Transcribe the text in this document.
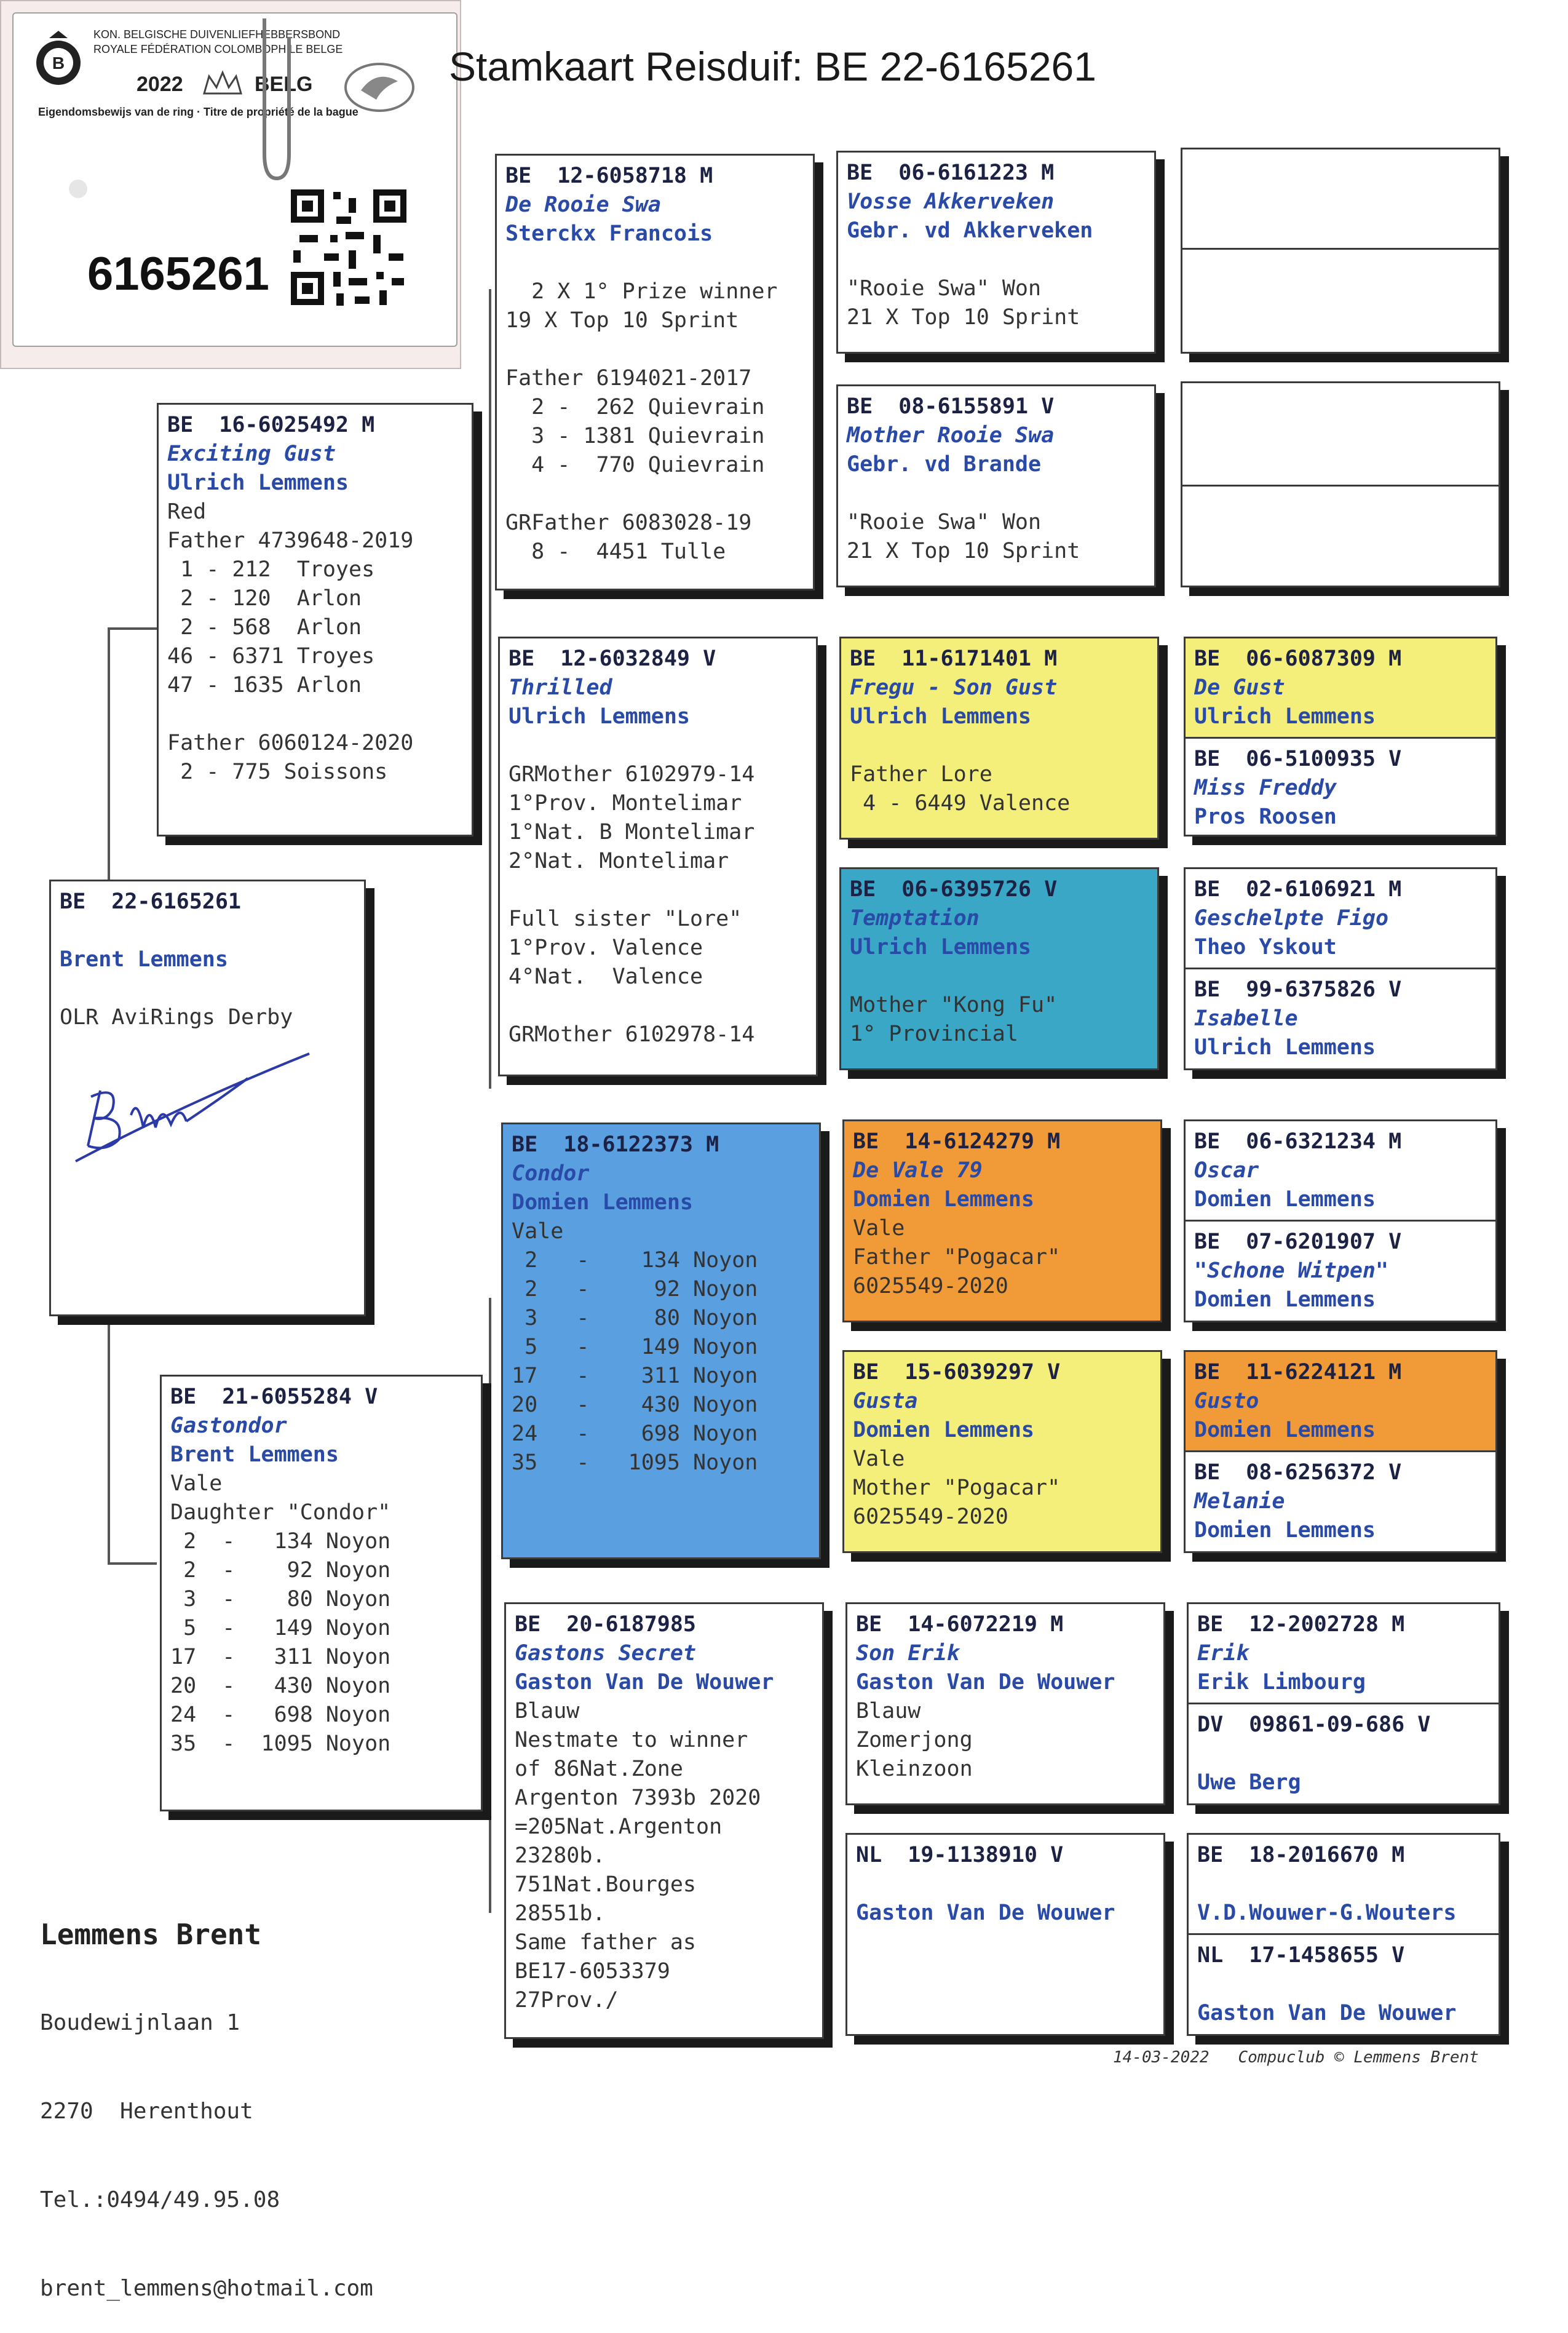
B
KON. BELGISCHE DUIVENLIEFHEBBERSBOND
ROYALE FÉDÉRATION COLOMBOPHILE BELGE
2022	BELG
Eigendomsbewijs van de ring · Titre de propriété de la bague
6165261
Stamkaart Reisduif: BE 22-6165261
BE  22-6165261

Brent Lemmens

OLR AviRings Derby
BE  16-6025492 M
Exciting Gust
Ulrich Lemmens
Red
Father 4739648-2019
1 - 212  Troyes
2 - 120  Arlon
2 - 568  Arlon
46 - 6371 Troyes
47 - 1635 Arlon

Father 6060124-2020
2 - 775 Soissons
BE  21-6055284 V
Gastondor
Brent Lemmens
Vale
Daughter "Condor"
2  -   134 Noyon
2  -    92 Noyon
3  -    80 Noyon
5  -   149 Noyon
17  -   311 Noyon
20  -   430 Noyon
24  -   698 Noyon
35  -  1095 Noyon
BE  12-6058718 M
De Rooie Swa
Sterckx Francois

2 X 1° Prize winner
19 X Top 10 Sprint

Father 6194021-2017
2 -  262 Quievrain
3 - 1381 Quievrain
4 -  770 Quievrain

GRFather 6083028-19
8 -  4451 Tulle
BE  12-6032849 V
Thrilled
Ulrich Lemmens

GRMother 6102979-14
1°Prov. Montelimar
1°Nat. B Montelimar
2°Nat. Montelimar

Full sister "Lore"
1°Prov. Valence
4°Nat.  Valence

GRMother 6102978-14
BE  18-6122373 M
Condor
Domien Lemmens
Vale
2   -    134 Noyon
2   -     92 Noyon
3   -     80 Noyon
5   -    149 Noyon
17   -    311 Noyon
20   -    430 Noyon
24   -    698 Noyon
35   -   1095 Noyon
BE  20-6187985
Gastons Secret
Gaston Van De Wouwer
Blauw
Nestmate to winner
of 86Nat.Zone
Argenton 7393b 2020
=205Nat.Argenton
23280b.
751Nat.Bourges
28551b.
Same father as
BE17-6053379
27Prov./
BE  06-6161223 M
Vosse Akkerveken
Gebr. vd Akkerveken

"Rooie Swa" Won
21 X Top 10 Sprint
BE  08-6155891 V
Mother Rooie Swa
Gebr. vd Brande

"Rooie Swa" Won
21 X Top 10 Sprint
BE  11-6171401 M
Fregu - Son Gust
Ulrich Lemmens

Father Lore
4 - 6449 Valence
BE  06-6395726 V
Temptation
Ulrich Lemmens

Mother "Kong Fu"
1° Provincial
BE  14-6124279 M
De Vale 79
Domien Lemmens
Vale
Father "Pogacar"
6025549-2020
BE  15-6039297 V
Gusta
Domien Lemmens
Vale
Mother "Pogacar"
6025549-2020
BE  14-6072219 M
Son Erik
Gaston Van De Wouwer
Blauw
Zomerjong
Kleinzoon
NL  19-1138910 V

Gaston Van De Wouwer
BE  06-6087309 M
De Gust
Ulrich Lemmens
BE  06-5100935 V
Miss Freddy
Pros Roosen
BE  02-6106921 M
Geschelpte Figo
Theo Yskout
BE  99-6375826 V
Isabelle
Ulrich Lemmens
BE  06-6321234 M
Oscar
Domien Lemmens
BE  07-6201907 V
"Schone Witpen"
Domien Lemmens
BE  11-6224121 M
Gusto
Domien Lemmens
BE  08-6256372 V
Melanie
Domien Lemmens
BE  12-2002728 M
Erik
Erik Limbourg
DV  09861-09-686 V

Uwe Berg
BE  18-2016670 M

V.D.Wouwer-G.Wouters
NL  17-1458655 V

Gaston Van De Wouwer

Lemmens Brent

Boudewijnlaan 1

2270  Herenthout

Tel.:0494/49.95.08

brent_lemmens@hotmail.com

14-03-2022   Compuclub © Lemmens Brent
